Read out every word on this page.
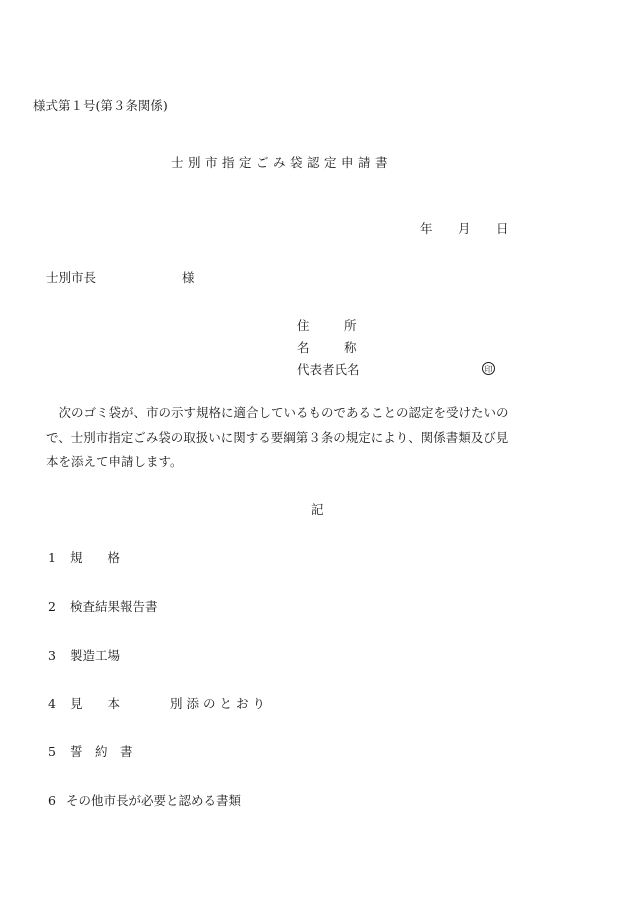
様式第１号(第３条関係)
士別市指定ごみ袋認定申請書
年 月 日
士別市長	様
住	所
名	称
代表者氏名	印
次のゴミ袋が、市の示す規格に適合しているものであることの認定を受けたいので、士別市指定ごみ袋の取扱いに関する要綱第３条の規定により、関係書類及び見本を添えて申請します。
記
1 規　　格
2 検査結果報告書
3 製造工場
4 見　　本	別添のとおり
5 誓　約　書
6 その他市長が必要と認める書類
